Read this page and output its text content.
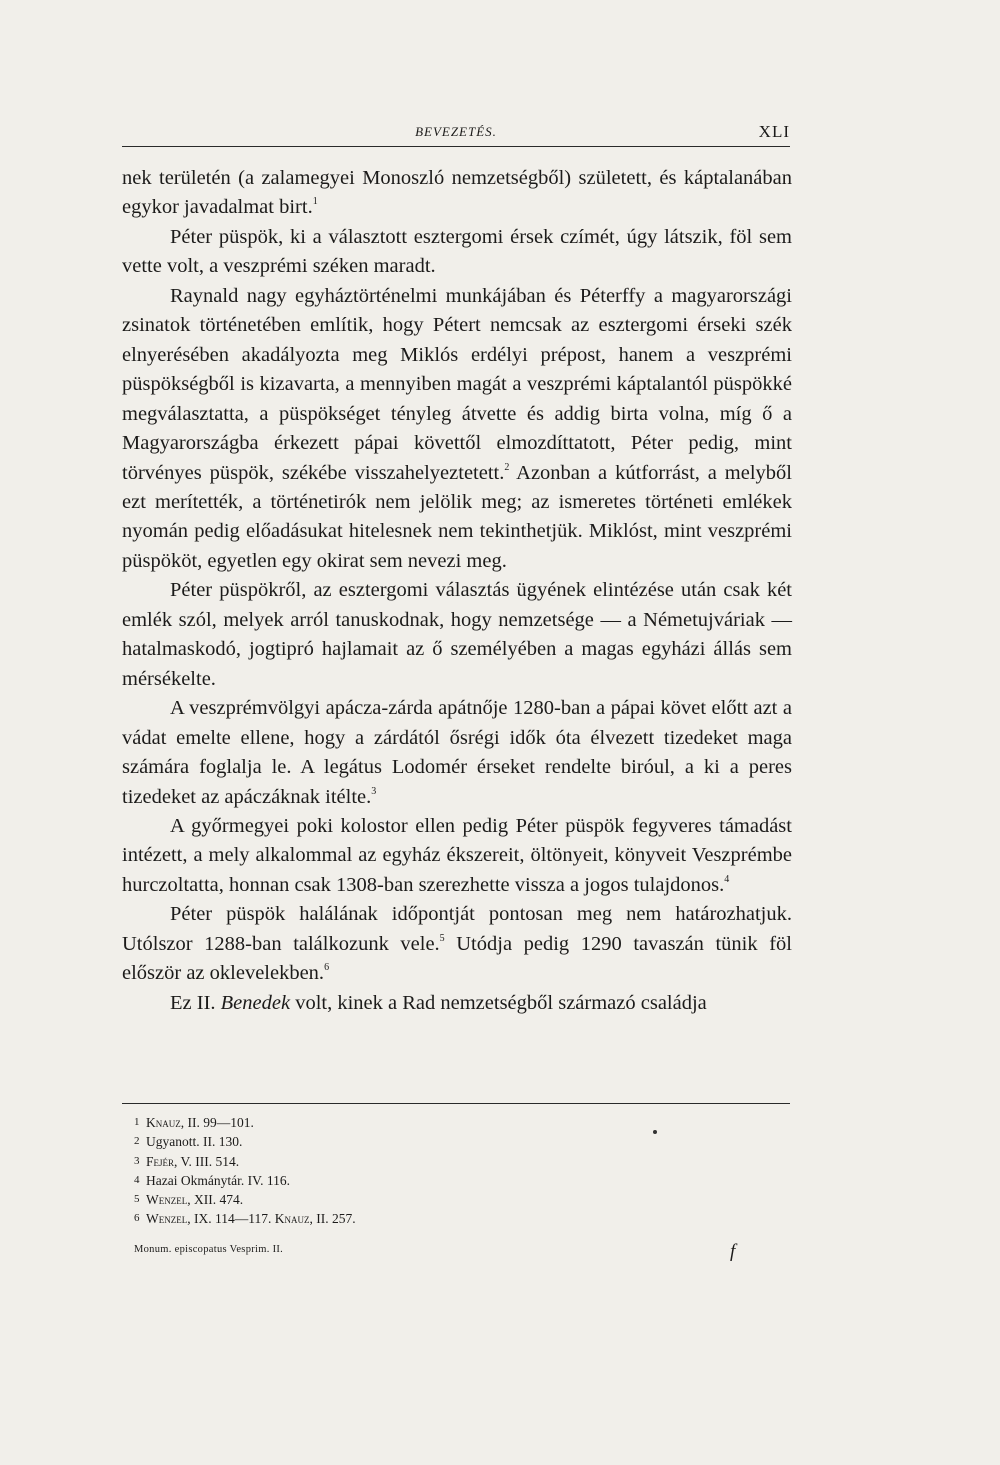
BEVEZETÉS.	XLI

nek területén (a zalamegyei Monoszló nemzetségből) született, és káptalanában egykor javadalmat birt.$^1$

Péter püspök, ki a választott esztergomi érsek czímét, úgy látszik, föl sem vette volt, a veszprémi széken maradt.

Raynald nagy egyháztörténelmi munkájában és Péterffy a magyarországi zsinatok történetében említik, hogy Pétert nemcsak az esztergomi érseki szék elnyerésében akadályozta meg Miklós erdélyi prépost, hanem a veszprémi püspökségből is kizavarta, a mennyiben magát a veszprémi káptalantól püspökké megválasztatta, a püspökséget tényleg átvette és addig birta volna, míg ő a Magyarországba érkezett pápai követtől elmozdíttatott, Péter pedig, mint törvényes püspök, székébe visszahelyeztetett.$^2$ Azonban a kútforrást, a melyből ezt merítették, a történetirók nem jelölik meg; az ismeretes történeti emlékek nyomán pedig előadásukat hitelesnek nem tekinthetjük. Miklóst, mint veszprémi püspököt, egyetlen egy okirat sem nevezi meg.

Péter püspökről, az esztergomi választás ügyének elintézése után csak két emlék szól, melyek arról tanuskodnak, hogy nemzetsége — a Németujváriak — hatalmaskodó, jogtipró hajlamait az ő személyében a magas egyházi állás sem mérsékelte.

A veszprémvölgyi apácza-zárda apátnője 1280-ban a pápai követ előtt azt a vádat emelte ellene, hogy a zárdától ősrégi idők óta élvezett tizedeket maga számára foglalja le. A legátus Lodomér érseket rendelte biróul, a ki a peres tizedeket az apáczáknak itélte.$^3$

A győrmegyei poki kolostor ellen pedig Péter püspök fegyveres támadást intézett, a mely alkalommal az egyház ékszereit, öltönyeit, könyveit Veszprémbe hurczoltatta, honnan csak 1308-ban szerezhette vissza a jogos tulajdonos.$^4$

Péter püspök halálának időpontját pontosan meg nem határozhatjuk. Utólszor 1288-ban találkozunk vele.$^5$ Utódja pedig 1290 tavaszán tünik föl először az oklevelekben.$^6$

Ez II. Benedek volt, kinek a Rad nemzetségből származó családja

1 Knauz, II. 99—101.
2 Ugyanott. II. 130.
3 Fejér, V. III. 514.
4 Hazai Okmánytár. IV. 116.
5 Wenzel, XII. 474.
6 Wenzel, IX. 114—117. Knauz, II. 257.
Monum. episcopatus Vesprim. II.	f
